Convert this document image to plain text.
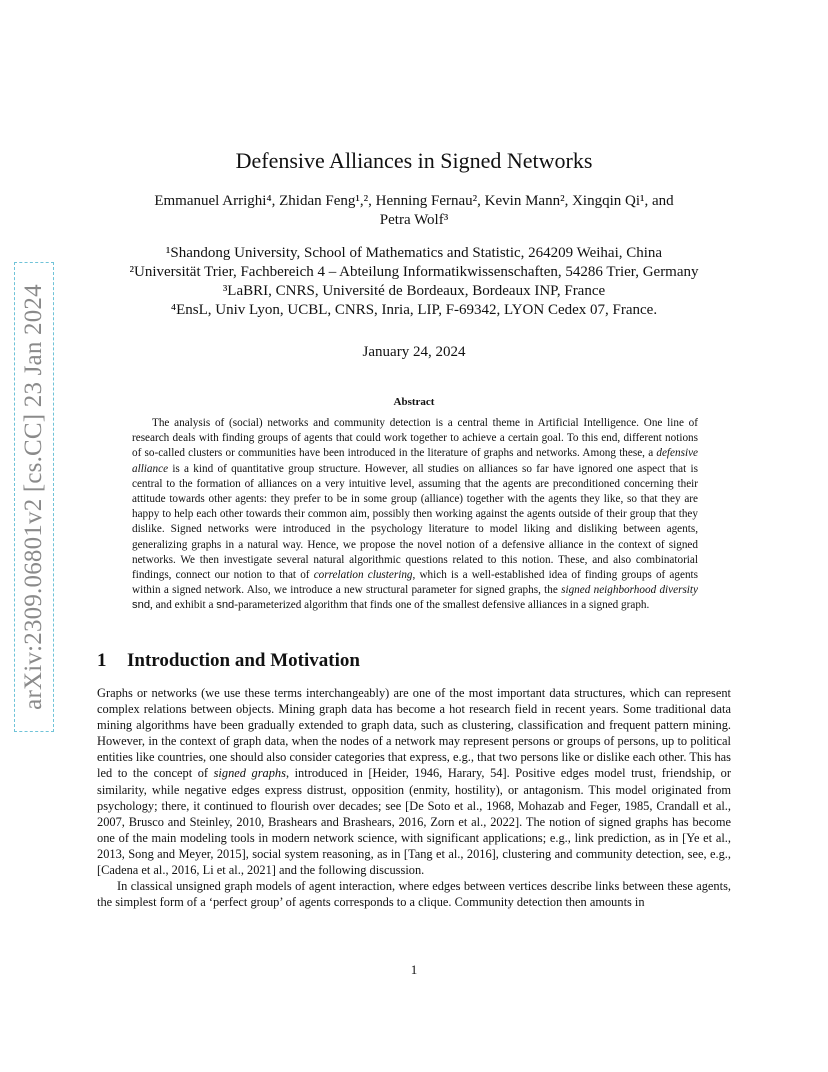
arXiv:2309.06801v2 [cs.CC] 23 Jan 2024
Defensive Alliances in Signed Networks
Emmanuel Arrighi⁴, Zhidan Feng¹,², Henning Fernau², Kevin Mann², Xingqin Qi¹, and
Petra Wolf³
¹Shandong University, School of Mathematics and Statistic, 264209 Weihai, China
²Universität Trier, Fachbereich 4 – Abteilung Informatikwissenschaften, 54286 Trier, Germany
³LaBRI, CNRS, Université de Bordeaux, Bordeaux INP, France
⁴EnsL, Univ Lyon, UCBL, CNRS, Inria, LIP, F-69342, LYON Cedex 07, France.
January 24, 2024
Abstract

The analysis of (social) networks and community detection is a central theme in Artificial Intelligence. One line of research deals with finding groups of agents that could work together to achieve a certain goal. To this end, different notions of so-called clusters or communities have been introduced in the literature of graphs and networks. Among these, a defensive alliance is a kind of quantitative group structure. However, all studies on alliances so far have ignored one aspect that is central to the formation of alliances on a very intuitive level, assuming that the agents are preconditioned concerning their attitude towards other agents: they prefer to be in some group (alliance) together with the agents they like, so that they are happy to help each other towards their common aim, possibly then working against the agents outside of their group that they dislike. Signed networks were introduced in the psychology literature to model liking and disliking between agents, generalizing graphs in a natural way. Hence, we propose the novel notion of a defensive alliance in the context of signed networks. We then investigate several natural algorithmic questions related to this notion. These, and also combinatorial findings, connect our notion to that of correlation clustering, which is a well-established idea of finding groups of agents within a signed network. Also, we introduce a new structural parameter for signed graphs, the signed neighborhood diversity snd, and exhibit a snd-parameterized algorithm that finds one of the smallest defensive alliances in a signed graph.

1 Introduction and Motivation

Graphs or networks (we use these terms interchangeably) are one of the most important data structures, which can represent complex relations between objects. Mining graph data has become a hot research field in recent years. Some traditional data mining algorithms have been gradually extended to graph data, such as clustering, classification and frequent pattern mining. However, in the context of graph data, when the nodes of a network may represent persons or groups of persons, up to political entities like countries, one should also consider categories that express, e.g., that two persons like or dislike each other. This has led to the concept of signed graphs, introduced in [Heider, 1946, Harary, 54]. Positive edges model trust, friendship, or similarity, while negative edges express distrust, opposition (enmity, hostility), or antagonism. This model originated from psychology; there, it continued to flourish over decades; see [De Soto et al., 1968, Mohazab and Feger, 1985, Crandall et al., 2007, Brusco and Steinley, 2010, Brashears and Brashears, 2016, Zorn et al., 2022]. The notion of signed graphs has become one of the main modeling tools in modern network science, with significant applications; e.g., link prediction, as in [Ye et al., 2013, Song and Meyer, 2015], social system reasoning, as in [Tang et al., 2016], clustering and community detection, see, e.g., [Cadena et al., 2016, Li et al., 2021] and the following discussion.

In classical unsigned graph models of agent interaction, where edges between vertices describe links between these agents, the simplest form of a ‘perfect group’ of agents corresponds to a clique. Community detection then amounts in

1
